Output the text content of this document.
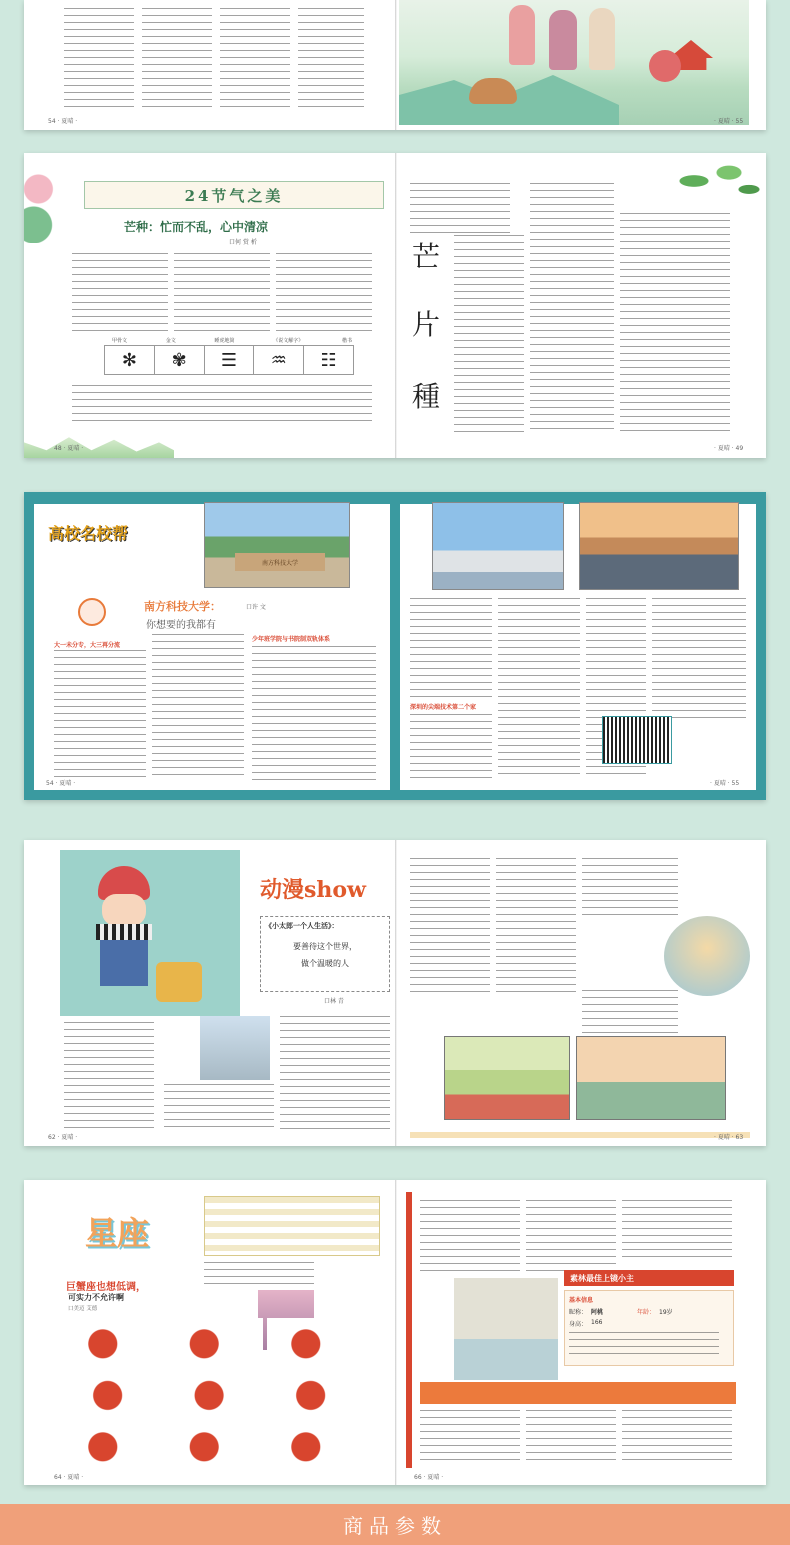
54 · 夏晴 ·	· 夏晴 · 55
24节气之美
芒种：忙而不乱，心中清凉
口何 赏 析
甲骨文	金文	睡虎地简	《说文解字》	楷书
✻	✾	☰	♒	☷
48 · 夏晴 ·
芒
片
種
· 夏晴 · 49
高校名校帮
南方科技大学
南方科技大学：	口许 文
你想要的我都有
大一未分专，大三再分流
少年班学院与书院制双轨体系
深圳的尖端技术第二个家
54 · 夏晴 ·	· 夏晴 · 55
动漫show
《小太郎一个人生活》：
要善待这个世界，
做个温暖的人
口林 青
62 · 夏晴 ·	· 夏晴 · 63
星座
巨蟹座也想低调，
可实力不允许啊
口美迈 艾德
64 · 夏晴 ·
素林最佳上镜小主
基本信息
昵称： 阿桃	年龄： 19岁
身高： 166
66 · 夏晴 ·
商品参数
